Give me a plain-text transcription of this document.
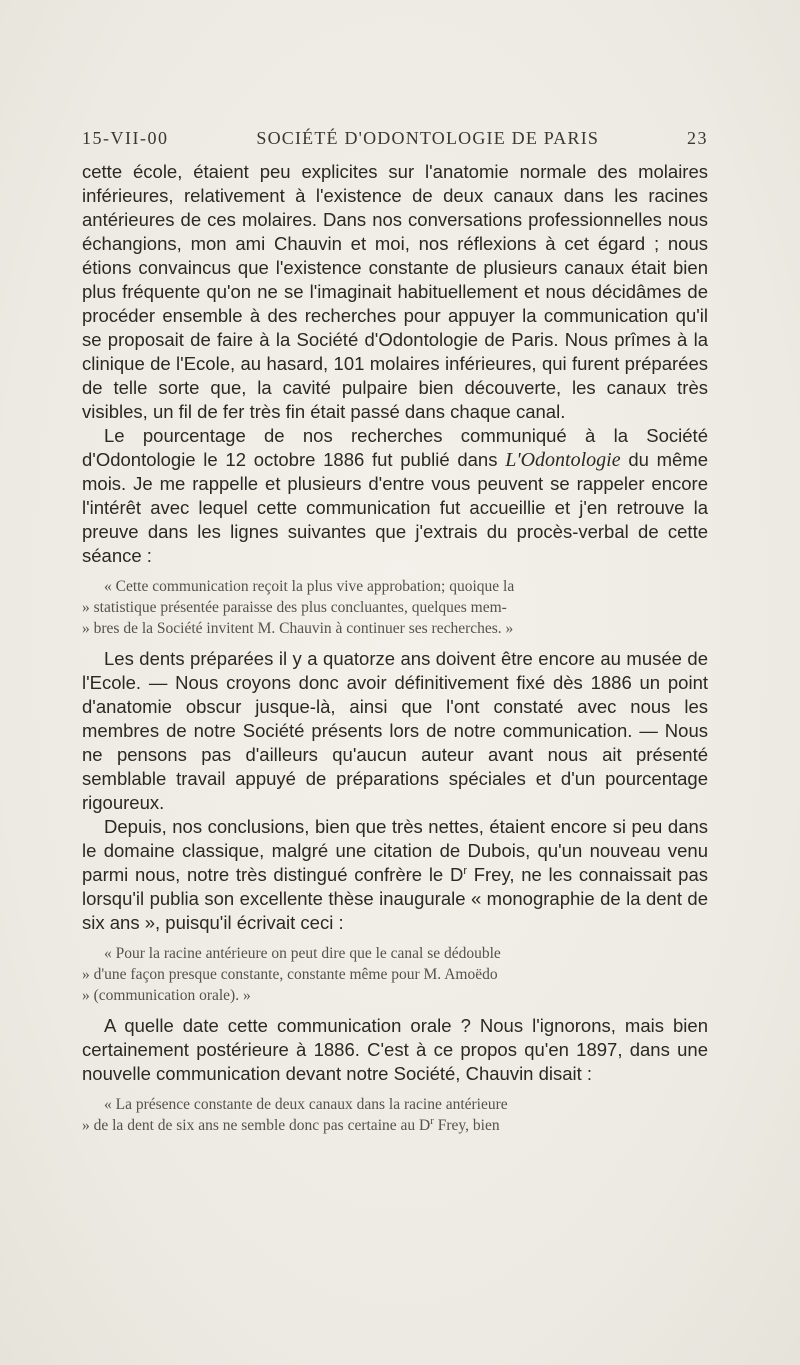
15-VII-00	SOCIÉTÉ D'ODONTOLOGIE DE PARIS	23

cette école, étaient peu explicites sur l'anatomie normale des molaires inférieures, relativement à l'existence de deux canaux dans les racines antérieures de ces molaires. Dans nos conversations professionnelles nous échangions, mon ami Chauvin et moi, nos réflexions à cet égard ; nous étions convaincus que l'existence constante de plusieurs canaux était bien plus fréquente qu'on ne se l'imaginait habituellement et nous décidâmes de procéder ensemble à des recherches pour appuyer la communication qu'il se proposait de faire à la Société d'Odontologie de Paris. Nous prîmes à la clinique de l'Ecole, au hasard, 101 molaires inférieures, qui furent préparées de telle sorte que, la cavité pulpaire bien découverte, les canaux très visibles, un fil de fer très fin était passé dans chaque canal.

Le pourcentage de nos recherches communiqué à la Société d'Odontologie le 12 octobre 1886 fut publié dans L'Odontologie du même mois. Je me rappelle et plusieurs d'entre vous peuvent se rappeler encore l'intérêt avec lequel cette communication fut accueillie et j'en retrouve la preuve dans les lignes suivantes que j'extrais du procès-verbal de cette séance :

« Cette communication reçoit la plus vive approbation; quoique la
» statistique présentée paraisse des plus concluantes, quelques mem-
» bres de la Société invitent M. Chauvin à continuer ses recherches. »

Les dents préparées il y a quatorze ans doivent être encore au musée de l'Ecole. — Nous croyons donc avoir définitivement fixé dès 1886 un point d'anatomie obscur jusque-là, ainsi que l'ont constaté avec nous les membres de notre Société présents lors de notre communication. — Nous ne pensons pas d'ailleurs qu'aucun auteur avant nous ait présenté semblable travail appuyé de préparations spéciales et d'un pourcentage rigoureux.

Depuis, nos conclusions, bien que très nettes, étaient encore si peu dans le domaine classique, malgré une citation de Dubois, qu'un nouveau venu parmi nous, notre très distingué confrère le $D^r$ Frey, ne les connaissait pas lorsqu'il publia son excellente thèse inaugurale « monographie de la dent de six ans », puisqu'il écrivait ceci :

« Pour la racine antérieure on peut dire que le canal se dédouble
» d'une façon presque constante, constante même pour M. Amoëdo
» (communication orale). »

A quelle date cette communication orale ? Nous l'ignorons, mais bien certainement postérieure à 1886. C'est à ce propos qu'en 1897, dans une nouvelle communication devant notre Société, Chauvin disait :

« La présence constante de deux canaux dans la racine antérieure
» de la dent de six ans ne semble donc pas certaine au $D^r$ Frey, bien
